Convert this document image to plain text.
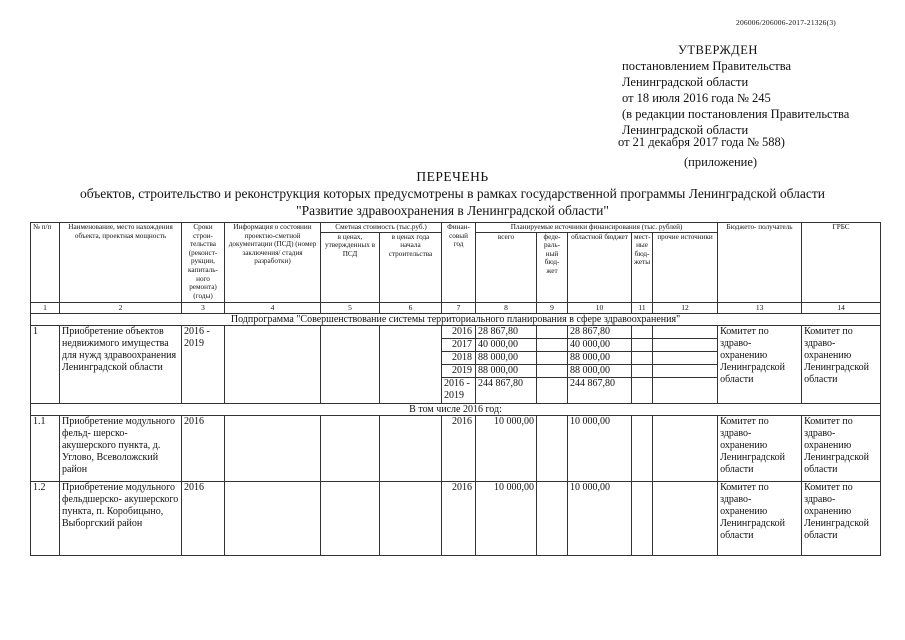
206006/206006-2017-21326(3)
УТВЕРЖДЕН
постановлением Правительства
Ленинградской области
от 18 июля 2016 года № 245
(в редакции постановления Правительства
Ленинградской области
от 21 декабря 2017 года № 588)
(приложение)
ПЕРЕЧЕНЬ
объектов, строительство и реконструкция которых предусмотрены в рамках государственной программы Ленинградской области
"Развитие здравоохранения в Ленинградской области"
№ п/п	Наименование, место нахождения объекта, проектная мощность	Сроки строи- тельства (реконст- рукции, капиталь- ного ремонта) (годы)	Информация о состоянии проектно-сметной документации (ПСД) (номер заключения/ стадия разработки)	Сметная стоимость (тыс.руб.)		Финан- совый год	Планируемые источники финансирования (тыс. рублей)					Бюджето- получатель	ГРБС
				в ценах, утвержденных в ПСД	в ценах года начала строительства		всего	феде- раль- ный бюд- жет	областной бюджет	мест- ные бюд- жеты	прочие источники		
1	2	3	4	5	6	7	8	9	10	11	12	13	14
Подпрограмма "Совершенствование системы территориального планирования в сфере здравоохранения"													
1	Приобретение объектов недвижимого имущества для нужд здравоохранения Ленинградской области	2016 - 2019				2016	28 867,80		28 867,80			Комитет по здраво- охранению Ленинградской области	Комитет по здраво- охранению Ленинградской области
						2017	40 000,00		40 000,00				
						2018	88 000,00		88 000,00				
						2019	88 000,00		88 000,00				
						2016 - 2019	244 867,80		244 867,80				
В том числе 2016 год:													
1.1	Приобретение модульного фельд- шерско-акушерского пункта, д. Углово, Всеволожский район	2016				2016	10 000,00		10 000,00			Комитет по здраво- охранению Ленинградской области	Комитет по здраво- охранению Ленинградской области
1.2	Приобретение модульного фельдшерско- акушерского пункта, п. Коробицыно, Выборгский район	2016				2016	10 000,00		10 000,00			Комитет по здраво- охранению Ленинградской области	Комитет по здраво- охранению Ленинградской области
